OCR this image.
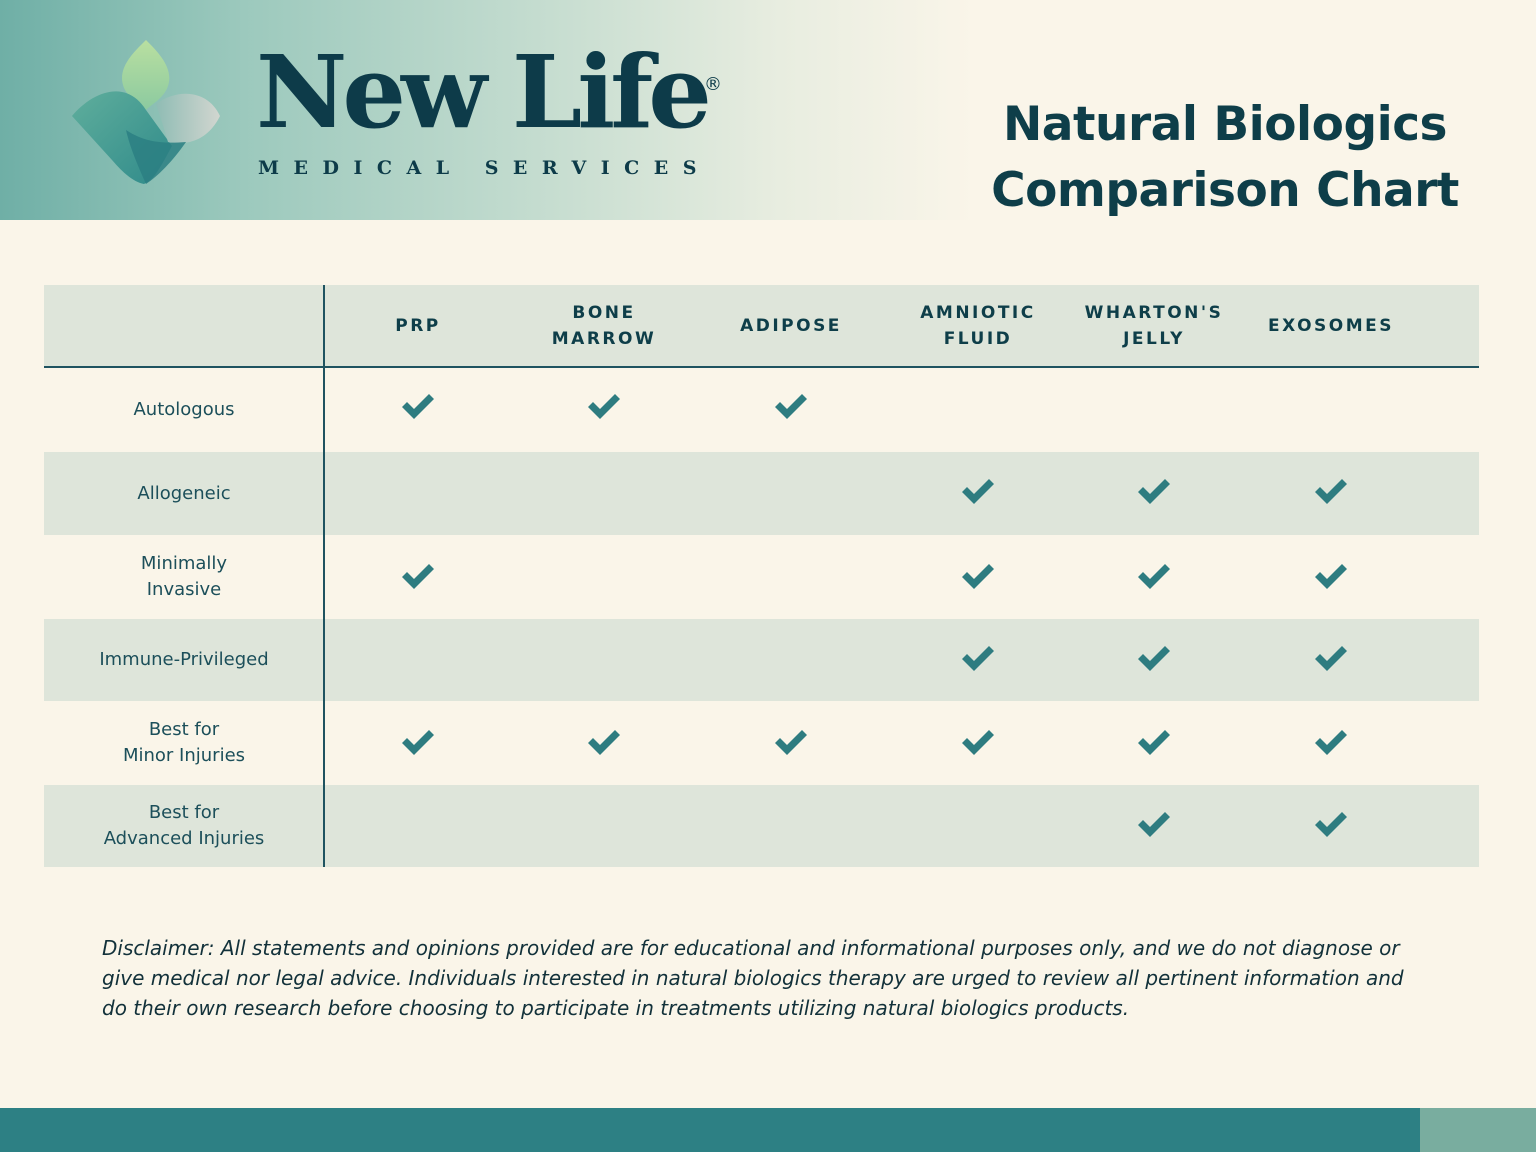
New Life
®
MEDICAL SERVICES
Natural Biologics
Comparison Chart
PRP
BONE
MARROW
ADIPOSE
AMNIOTIC
FLUID
WHARTON'S
JELLY
EXOSOMES
Autologous
Allogeneic
Minimally
Invasive
Immune-Privileged
Best for
Minor Injuries
Best for
Advanced Injuries
Disclaimer: All statements and opinions provided are for educational and informational purposes only, and we do not diagnose or give medical nor legal advice. Individuals interested in natural biologics therapy are urged to review all pertinent information and do their own research before choosing to participate in treatments utilizing natural biologics products.
